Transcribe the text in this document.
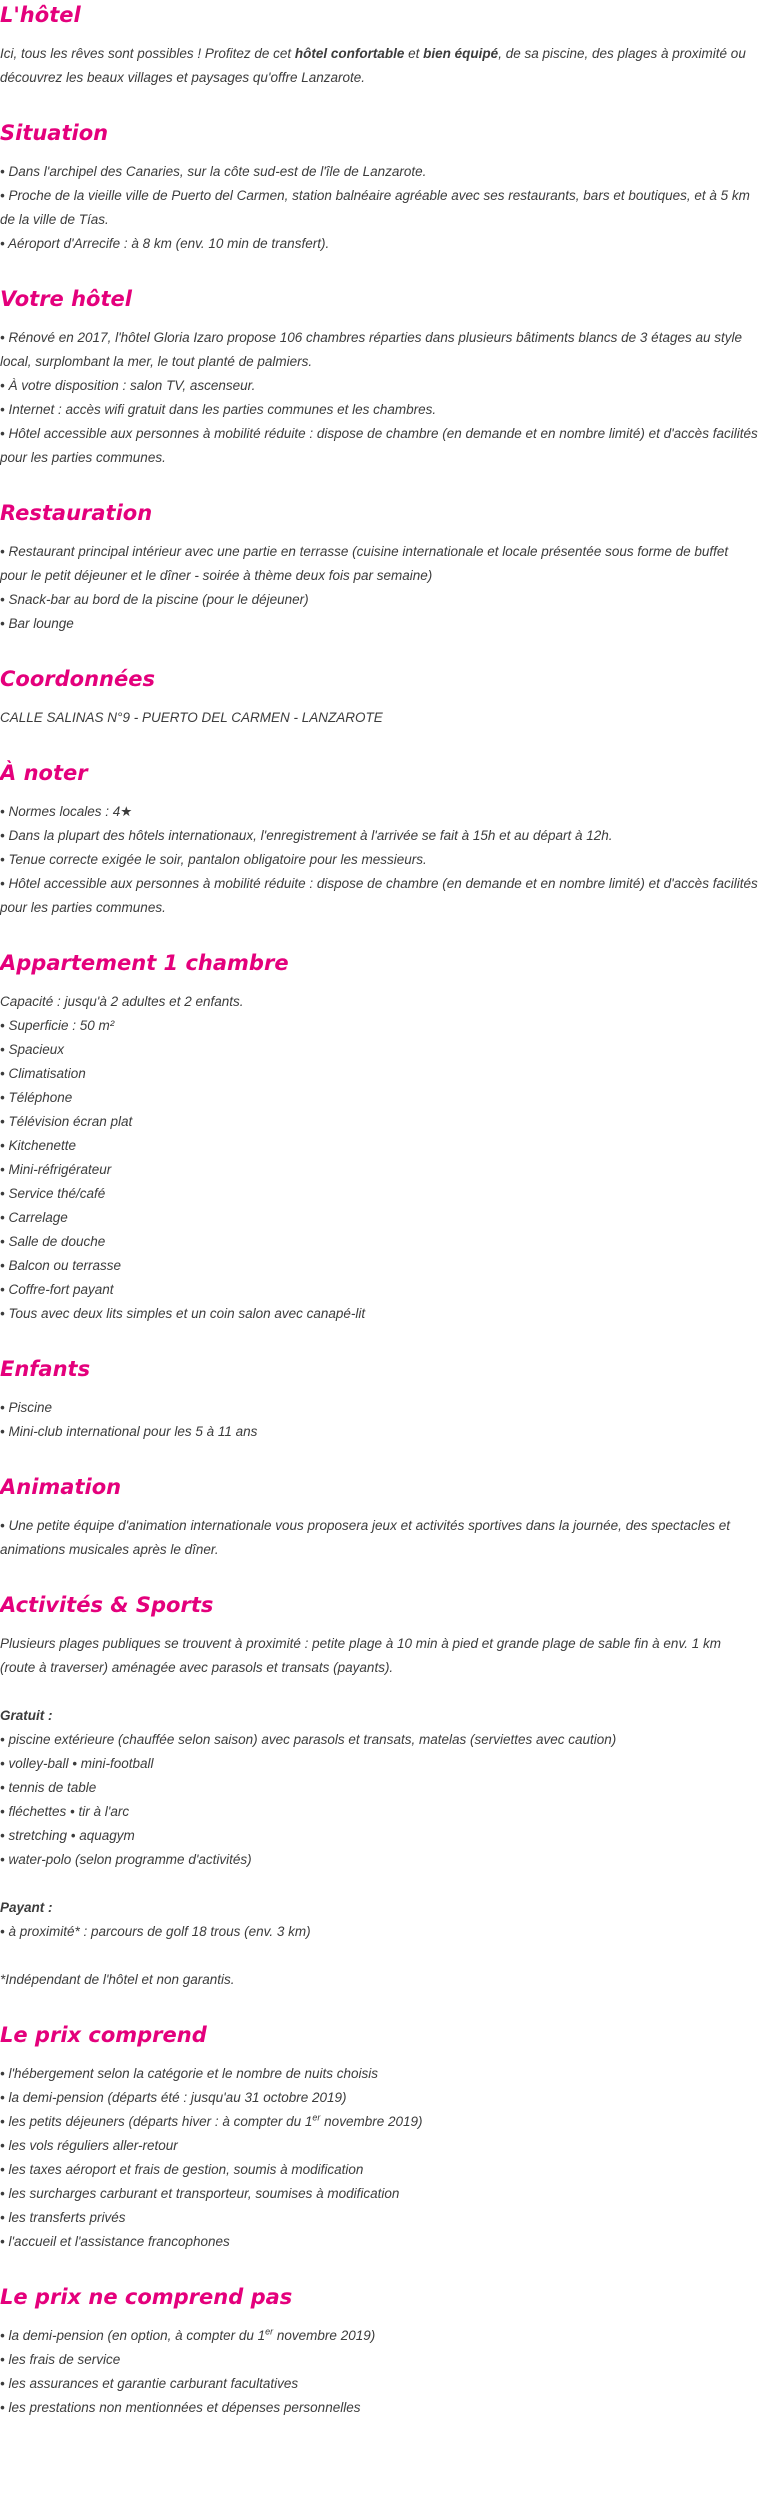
L'hôtel

Ici, tous les rêves sont possibles ! Profitez de cet hôtel confortable et bien équipé, de sa piscine, des plages à proximité ou découvrez les beaux villages et paysages qu'offre Lanzarote.

Situation

• Dans l'archipel des Canaries, sur la côte sud-est de l'île de Lanzarote.

• Proche de la vieille ville de Puerto del Carmen, station balnéaire agréable avec ses restaurants, bars et boutiques, et à 5 km de la ville de Tías.

• Aéroport d'Arrecife : à 8 km (env. 10 min de transfert).

Votre hôtel

• Rénové en 2017, l'hôtel Gloria Izaro propose 106 chambres réparties dans plusieurs bâtiments blancs de 3 étages au style local, surplombant la mer, le tout planté de palmiers.

• À votre disposition : salon TV, ascenseur.

• Internet : accès wifi gratuit dans les parties communes et les chambres.

• Hôtel accessible aux personnes à mobilité réduite : dispose de chambre (en demande et en nombre limité) et d'accès facilités pour les parties communes.

Restauration

• Restaurant principal intérieur avec une partie en terrasse (cuisine internationale et locale présentée sous forme de buffet pour le petit déjeuner et le dîner - soirée à thème deux fois par semaine)

• Snack-bar au bord de la piscine (pour le déjeuner)

• Bar lounge

Coordonnées

CALLE SALINAS N°9 - PUERTO DEL CARMEN - LANZAROTE

À noter

• Normes locales : 4★

• Dans la plupart des hôtels internationaux, l'enregistrement à l'arrivée se fait à 15h et au départ à 12h.

• Tenue correcte exigée le soir, pantalon obligatoire pour les messieurs.

• Hôtel accessible aux personnes à mobilité réduite : dispose de chambre (en demande et en nombre limité) et d'accès facilités pour les parties communes.

Appartement 1 chambre

Capacité : jusqu'à 2 adultes et 2 enfants.

• Superficie : 50 m²

• Spacieux

• Climatisation

• Téléphone

• Télévision écran plat

• Kitchenette

• Mini-réfrigérateur

• Service thé/café

• Carrelage

• Salle de douche

• Balcon ou terrasse

• Coffre-fort payant

• Tous avec deux lits simples et un coin salon avec canapé-lit

Enfants

• Piscine

• Mini-club international pour les 5 à 11 ans

Animation

• Une petite équipe d'animation internationale vous proposera jeux et activités sportives dans la journée, des spectacles et animations musicales après le dîner.

Activités & Sports

Plusieurs plages publiques se trouvent à proximité : petite plage à 10 min à pied et grande plage de sable fin à env. 1 km (route à traverser) aménagée avec parasols et transats (payants).

Gratuit :

• piscine extérieure (chauffée selon saison) avec parasols et transats, matelas (serviettes avec caution)

• volley-ball • mini-football

• tennis de table

• fléchettes • tir à l'arc

• stretching • aquagym

• water-polo (selon programme d'activités)

Payant :

• à proximité* : parcours de golf 18 trous (env. 3 km)

*Indépendant de l'hôtel et non garantis.

Le prix comprend

• l'hébergement selon la catégorie et le nombre de nuits choisis

• la demi-pension (départs été : jusqu'au 31 octobre 2019)

• les petits déjeuners (départs hiver : à compter du 1er novembre 2019)

• les vols réguliers aller-retour

• les taxes aéroport et frais de gestion, soumis à modification

• les surcharges carburant et transporteur, soumises à modification

• les transferts privés

• l'accueil et l'assistance francophones

Le prix ne comprend pas

• la demi-pension (en option, à compter du 1er novembre 2019)

• les frais de service

• les assurances et garantie carburant facultatives

• les prestations non mentionnées et dépenses personnelles
